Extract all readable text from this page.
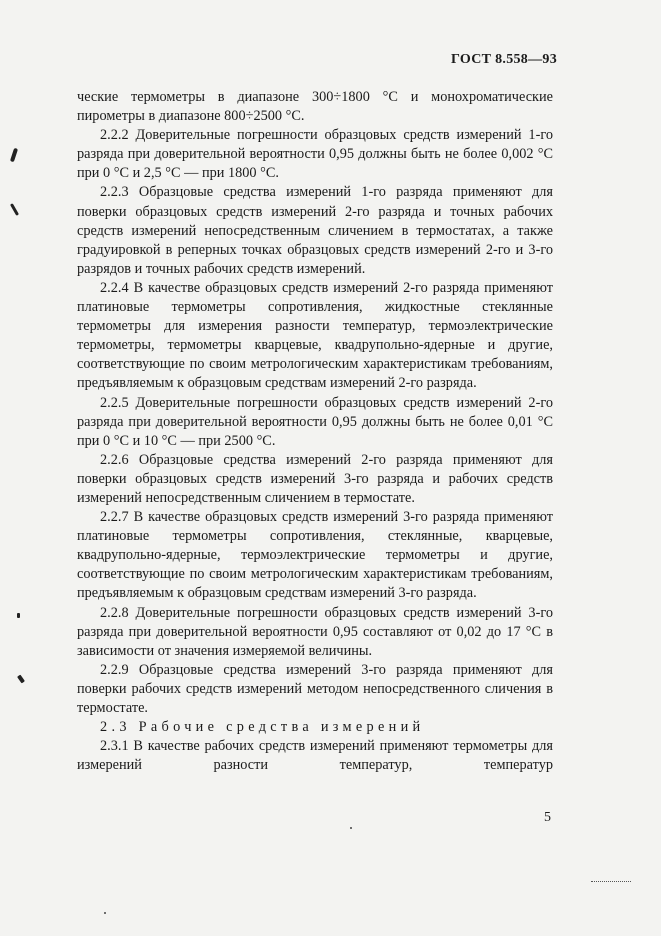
ГОСТ 8.558—93

ческие термометры в диапазоне 300÷1800 °С и монохроматические пирометры в диапазоне 800÷2500 °С.

2.2.2 Доверительные погрешности образцовых средств измерений 1-го разряда при доверительной вероятности 0,95 должны быть не более 0,002 °С при 0 °С и 2,5 °С — при 1800 °С.

2.2.3 Образцовые средства измерений 1-го разряда применяют для поверки образцовых средств измерений 2-го разряда и точных рабочих средств измерений непосредственным сличением в термостатах, а также градуировкой в реперных точках образцовых средств измерений 2-го и 3-го разрядов и точных рабочих средств измерений.

2.2.4 В качестве образцовых средств измерений 2-го разряда применяют платиновые термометры сопротивления, жидкостные стеклянные термометры для измерения разности температур, термоэлектрические термометры, термометры кварцевые, квадрупольно-ядерные и другие, соответствующие по своим метрологическим характеристикам требованиям, предъявляемым к образцовым средствам измерений 2-го разряда.

2.2.5 Доверительные погрешности образцовых средств измерений 2-го разряда при доверительной вероятности 0,95 должны быть не более 0,01 °С при 0 °С и 10 °С — при 2500 °С.

2.2.6 Образцовые средства измерений 2-го разряда применяют для поверки образцовых средств измерений 3-го разряда и рабочих средств измерений непосредственным сличением в термостате.

2.2.7 В качестве образцовых средств измерений 3-го разряда применяют платиновые термометры сопротивления, стеклянные, кварцевые, квадрупольно-ядерные, термоэлектрические термометры и другие, соответствующие по своим метрологическим характеристикам требованиям, предъявляемым к образцовым средствам измерений 3-го разряда.

2.2.8 Доверительные погрешности образцовых средств измерений 3-го разряда при доверительной вероятности 0,95 составляют от 0,02 до 17 °С в зависимости от значения измеряемой величины.

2.2.9 Образцовые средства измерений 3-го разряда применяют для поверки рабочих средств измерений методом непосредственного сличения в термостате.

2.3 Рабочие средства измерений

2.3.1 В качестве рабочих средств измерений применяют термометры для измерений разности температур, температур

5
